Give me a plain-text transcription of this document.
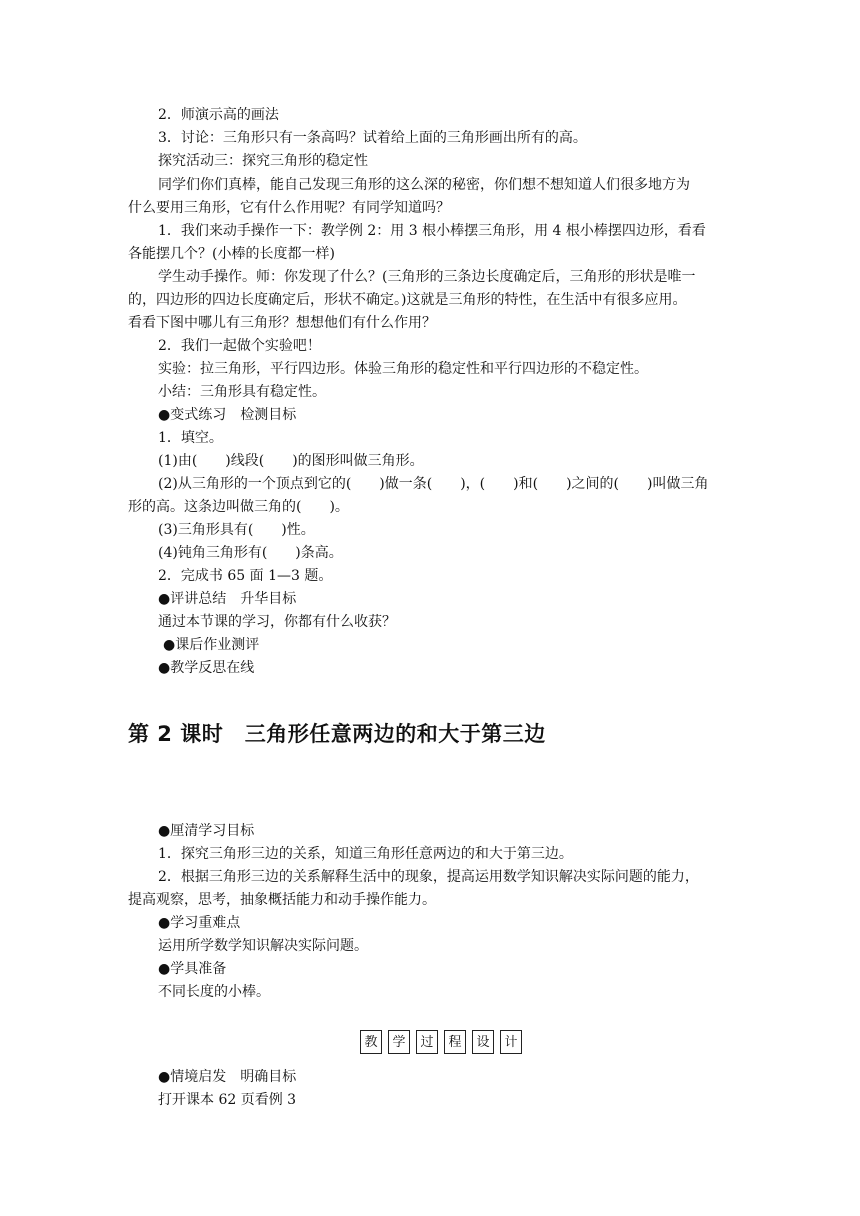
2．师演示高的画法
3．讨论：三角形只有一条高吗？试着给上面的三角形画出所有的高。
探究活动三：探究三角形的稳定性
同学们你们真棒，能自己发现三角形的这么深的秘密，你们想不想知道人们很多地方为
什么要用三角形，它有什么作用呢？有同学知道吗？
1．我们来动手操作一下：教学例 2：用 3 根小棒摆三角形，用 4 根小棒摆四边形，看看
各能摆几个？(小棒的长度都一样)
学生动手操作。师：你发现了什么？(三角形的三条边长度确定后，三角形的形状是唯一
的，四边形的四边长度确定后，形状不确定。)这就是三角形的特性，在生活中有很多应用。
看看下图中哪儿有三角形？想想他们有什么作用？
2．我们一起做个实验吧！
实验：拉三角形，平行四边形。体验三角形的稳定性和平行四边形的不稳定性。
小结：三角形具有稳定性。
●变式练习　检测目标
1．填空。
(1)由(　　)线段(　　)的图形叫做三角形。
(2)从三角形的一个顶点到它的(　　)做一条(　　)，(　　)和(　　)之间的(　　)叫做三角
形的高。这条边叫做三角的(　　)。
(3)三角形具有(　　)性。
(4)钝角三角形有(　　)条高。
2．完成书 65 面 1—3 题。
●评讲总结　升华目标
通过本节课的学习，你都有什么收获？
●课后作业测评
●教学反思在线
第 2 课时　三角形任意两边的和大于第三边
●厘清学习目标
1．探究三角形三边的关系，知道三角形任意两边的和大于第三边。
2．根据三角形三边的关系解释生活中的现象，提高运用数学知识解决实际问题的能力，
提高观察，思考，抽象概括能力和动手操作能力。
●学习重难点
运用所学数学知识解决实际问题。
●学具准备
不同长度的小棒。
教	学	过	程	设	计
●情境启发　明确目标
打开课本 62 页看例 3
